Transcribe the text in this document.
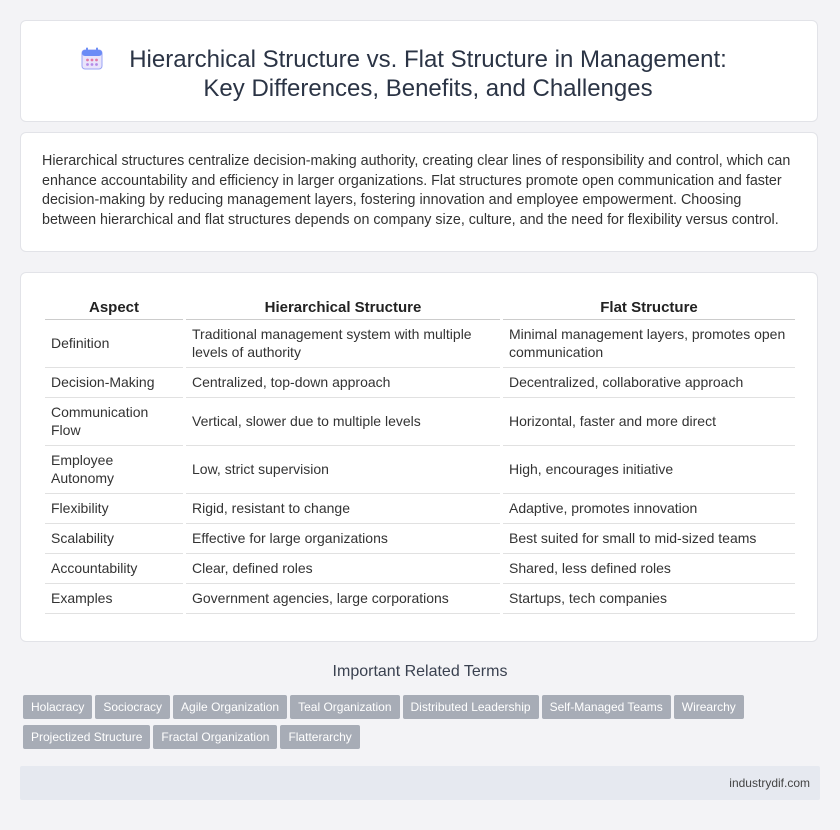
Hierarchical Structure vs. Flat Structure in Management: Key Differences, Benefits, and Challenges

Hierarchical structures centralize decision-making authority, creating clear lines of responsibility and control, which can enhance accountability and efficiency in larger organizations. Flat structures promote open communication and faster decision-making by reducing management layers, fostering innovation and employee empowerment. Choosing between hierarchical and flat structures depends on company size, culture, and the need for flexibility versus control.

Aspect	Hierarchical Structure	Flat Structure
Definition	Traditional management system with multiple levels of authority	Minimal management layers, promotes open communication
Decision-Making	Centralized, top-down approach	Decentralized, collaborative approach
Communication Flow	Vertical, slower due to multiple levels	Horizontal, faster and more direct
Employee Autonomy	Low, strict supervision	High, encourages initiative
Flexibility	Rigid, resistant to change	Adaptive, promotes innovation
Scalability	Effective for large organizations	Best suited for small to mid-sized teams
Accountability	Clear, defined roles	Shared, less defined roles
Examples	Government agencies, large corporations	Startups, tech companies
Important Related Terms
Holacracy Sociocracy Agile Organization Teal Organization Distributed Leadership Self-Managed Teams WirearchyProjectized Structure Fractal Organization Flatterarchy
industrydif.com
